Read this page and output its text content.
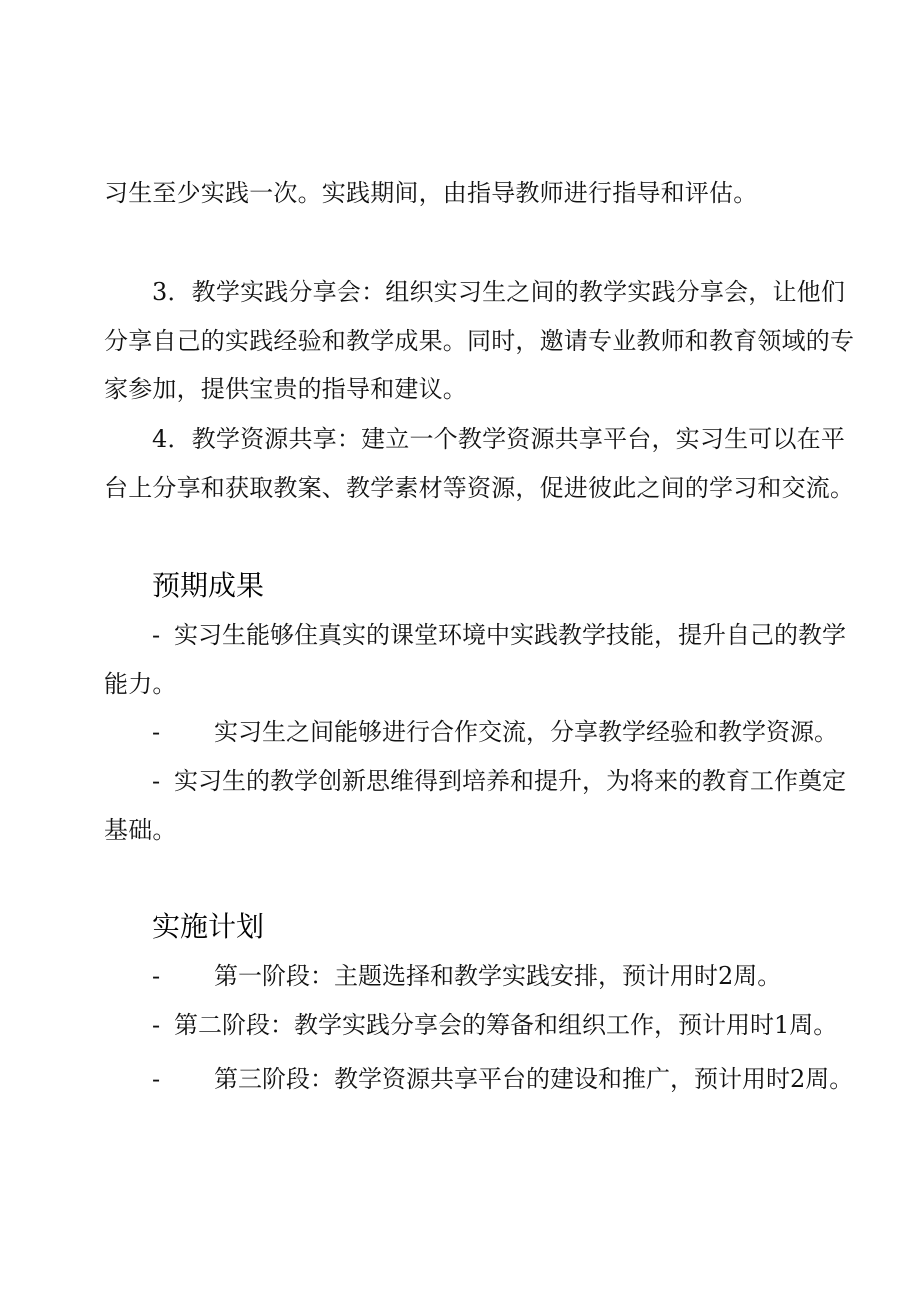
习生至少实践一次。实践期间，由指导教师进行指导和评估。
3．教学实践分享会：组织实习生之间的教学实践分享会，让他们
分享自己的实践经验和教学成果。同时，邀请专业教师和教育领域的专
家参加，提供宝贵的指导和建议。
4．教学资源共享：建立一个教学资源共享平台，实习生可以在平
台上分享和获取教案、教学素材等资源，促进彼此之间的学习和交流。
预期成果
- 实习生能够住真实的课堂环境中实践教学技能，提升自己的教学
能力。
- 实习生之间能够进行合作交流，分享教学经验和教学资源。
- 实习生的教学创新思维得到培养和提升，为将来的教育工作奠定
基础。
实施计划
- 第一阶段：主题选择和教学实践安排，预计用时2周。
- 第二阶段：教学实践分享会的筹备和组织工作，预计用时1周。
- 第三阶段：教学资源共享平台的建设和推广，预计用时2周。
